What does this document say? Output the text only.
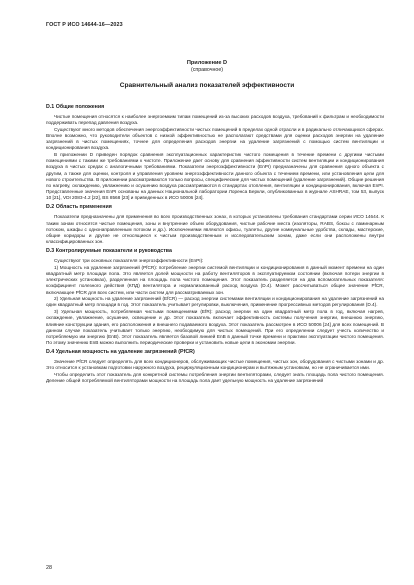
ГОСТ Р ИСО 14644-16—2023
Приложение D
(справочное)
Сравнительный анализ показателей эффективности
D.1 Общие положения

Чистые помещения относятся к наиболее энергоемким типам помещений из-за высоких расходов воздуха, требований к фильтрам и необходимости поддерживать перепад давления воздуха.

Существуют много методов обеспечения энергоэффективности чистых помещений в пределах одной отрасли и в радикально отличающихся сферах. Вполне возможно, что руководители объектов с низкой эффективностью не располагают средствами для оценки расходов энергии на удаление загрязнений в чистых помещениях, точнее для определения расходов энергии на удаление загрязнений с помощью систем вентиляции и кондиционирования воздуха.

В приложении D приведен порядок сравнения эксплуатационных характеристик чистого помещения в течение времени с другими чистыми помещениями с такими же требованиями к чистоте. Приложение дает основу для сравнения эффективности систем вентиляции и кондиционирования воздуха в чистых средах с аналогичными требованиями. Показатели энергоэффективности (EnPI) предназначены для сравнения одного объекта с другим, а также для оценки, контроля и управления уровнем энергоэффективности данного объекта с течением времени, или установления цели для нового строительства. В приложении рассматриваются только вопросы, специфические для чистых помещений (удаление загрязнений). Общие решения по нагреву, охлаждению, увлажнению и осушению воздуха рассматриваются в стандартах отопления, вентиляции и кондиционирования, включая EnPI. Представленные значения EnPI основаны на данных Национальной лаборатории Лоренса Беркли, опубликованных в журнале ASHRAE, том 53, выпуск 10 [21], VDI 2083-4.2 [22], BS 8568 [23] и приведенных в ИСО 50006 [24].

D.2 Область применения

Показатели предназначены для применения во всех производственных зонах, в которых установлены требования стандартами серии ИСО 14644. К таким зонам относятся чистые помещения, зоны и внутренние объем оборудования, чистые рабочие места (изоляторы, RABS, боксы с ламинарным потоком, шкафы с однонаправленным потоком и др.). Исключениями являются офисы, туалеты, другие коммунальные удобства, склады, мастерские, общие коридоры и другие не относящиеся к чистым производственным и исследовательским зонам, даже если они расположены внутри классифицированных зон.

D.3 Контролируемые показатели и руководства

Существуют три основных показателя энергоэффективности (EnPI):

1) Мощность на удаление загрязнений (PfCR): потребление энергии системой вентиляции и кондиционирования в данный момент времени на один квадратный метр площади пола. Это является долей мощности на работу вентиляторов в эксплуатируемом состоянии (включая потери энергии в электрических установках), разделенная на площадь пола чистого помещения. Этот показатель разделяется на два вспомогательных показателя: коэффициент полезного действия (КПД) вентилятора и нормализованный расход воздуха (D.4). Может рассчитываться общее значение PfCR, включающее PfCR для всех систем, или части систем для рассматриваемых зон.

2) Удельная мощность на удаление загрязнений (EfCR) — расход энергии системами вентиляции и кондиционирования на удаление загрязнений на один квадратный метр площади в год. Этот показатель учитывает регулировки, выключения, применение прогрессивных методов регулирования (D.4).

3) Удельная мощность, потребляемая чистыми помещениями (EfR): расход энергии на один квадратный метр пола в год, включая нагрев, охлаждение, увлажнение, осушение, освещение и др. Этот показатель включает эффективность системы получения энергии, внешнюю энергию, влияние конструкции здания, его расположения и внешнего подаваемого воздуха. Этот показатель рассмотрен в ИСО 50006 [24] для всех помещений. В данном случае показатель учитывает только энергию, необходимую для чистых помещений. При его определении следует учесть количество и потребляемую им энергию (EnB). Этот показатель является базовой линией EnB в данный точке времени и практики эксплуатации чистого помещения. По этому значению EnB можно выполнить периодические проверки и установить новые цели в экономии энергии.

D.4 Удельная мощность на удаление загрязнений (PfCR)

Значение PfCR следует определять для всех кондиционеров, обслуживающих чистые помещения, чистых зон, оборудования с чистыми зонами и др. Это относится к установкам подготовки наружного воздуха, рециркуляционным кондиционерам и вытяжным установкам, но не ограничивается ими.

Чтобы определить этот показатель для конкретной системы потребления энергии вентиляторами, следует знать площадь пола чистого помещения. Деление общей потребляемой вентиляторами мощности на площадь пола дает удельную мощность на удаление загрязнений

28
